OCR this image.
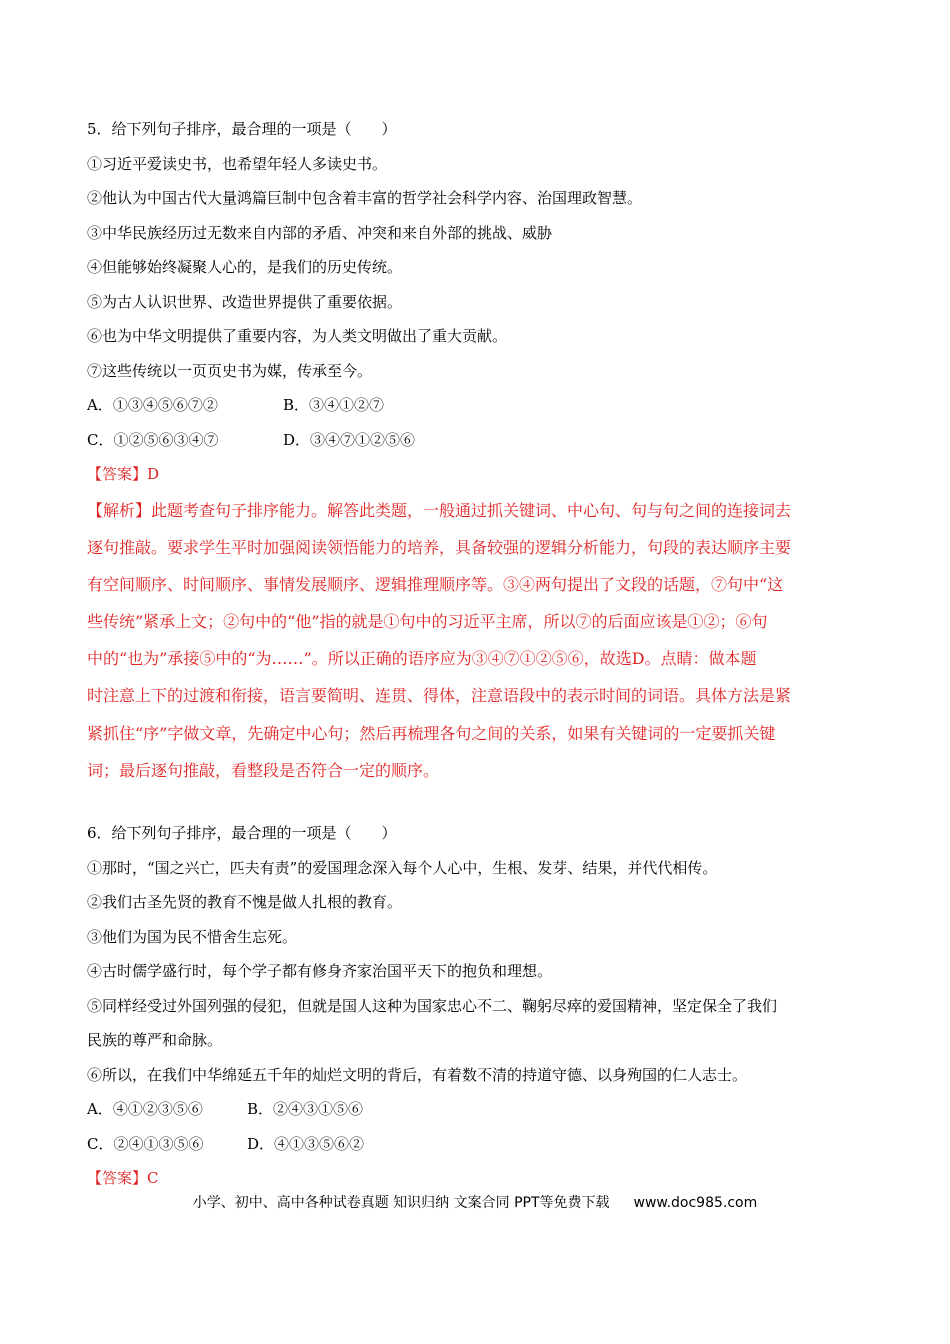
5．给下列句子排序，最合理的一项是（　　）
①习近平爱读史书，也希望年轻人多读史书。
②他认为中国古代大量鸿篇巨制中包含着丰富的哲学社会科学内容、治国理政智慧。
③中华民族经历过无数来自内部的矛盾、冲突和来自外部的挑战、威胁
④但能够始终凝聚人心的，是我们的历史传统。
⑤为古人认识世界、改造世界提供了重要依据。
⑥也为中华文明提供了重要内容，为人类文明做出了重大贡献。
⑦这些传统以一页页史书为媒，传承至今。
A．①③④⑤⑥⑦②	B．③④①②⑦
C．①②⑤⑥③④⑦	D．③④⑦①②⑤⑥
【答案】D
【解析】此题考查句子排序能力。解答此类题，一般通过抓关键词、中心句、句与句之间的连接词去
逐句推敲。要求学生平时加强阅读领悟能力的培养，具备较强的逻辑分析能力，句段的表达顺序主要
有空间顺序、时间顺序、事情发展顺序、逻辑推理顺序等。③④两句提出了文段的话题，⑦句中“这
些传统”紧承上文；②句中的“他”指的就是①句中的习近平主席，所以⑦的后面应该是①②；⑥句
中的“也为”承接⑤中的“为……”。所以正确的语序应为③④⑦①②⑤⑥，故选D。点睛：做本题
时注意上下的过渡和衔接，语言要简明、连贯、得体，注意语段中的表示时间的词语。具体方法是紧
紧抓住“序”字做文章，先确定中心句；然后再梳理各句之间的关系，如果有关键词的一定要抓关键
词；最后逐句推敲，看整段是否符合一定的顺序。
6．给下列句子排序，最合理的一项是（　　）
①那时，“国之兴亡，匹夫有责”的爱国理念深入每个人心中，生根、发芽、结果，并代代相传。
②我们古圣先贤的教育不愧是做人扎根的教育。
③他们为国为民不惜舍生忘死。
④古时儒学盛行时，每个学子都有修身齐家治国平天下的抱负和理想。
⑤同样经受过外国列强的侵犯，但就是国人这种为国家忠心不二、鞠躬尽瘁的爱国精神，坚定保全了我们
民族的尊严和命脉。
⑥所以，在我们中华绵延五千年的灿烂文明的背后，有着数不清的持道守德、以身殉国的仁人志士。
A．④①②③⑤⑥	B．②④③①⑤⑥
C．②④①③⑤⑥	D．④①③⑤⑥②
【答案】C
小学、初中、高中各种试卷真题 知识归纳 文案合同 PPT等免费下载 www.doc985.com
